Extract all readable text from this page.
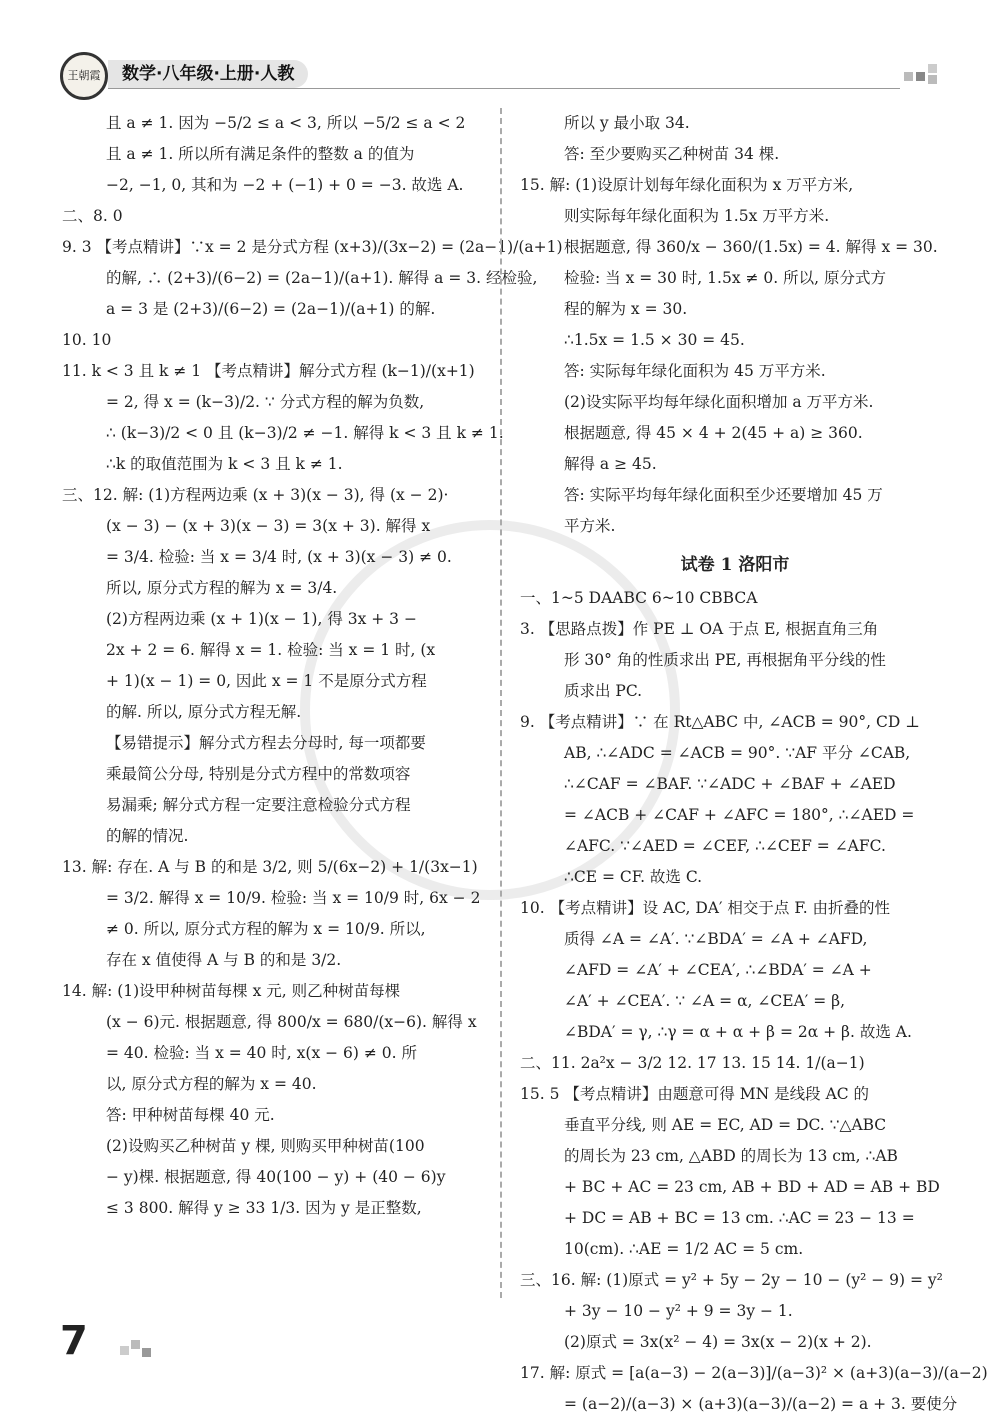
王朝霞	数学·八年级·上册·人教
且 a ≠ 1. 因为 −5/2 ≤ a < 3, 所以 −5/2 ≤ a < 2
且 a ≠ 1. 所以所有满足条件的整数 a 的值为
−2, −1, 0, 其和为 −2 + (−1) + 0 = −3. 故选 A.
二、8. 0
9. 3 【考点精讲】∵x = 2 是分式方程 (x+3)/(3x−2) = (2a−1)/(a+1)
的解, ∴ (2+3)/(6−2) = (2a−1)/(a+1). 解得 a = 3. 经检验,
a = 3 是 (2+3)/(6−2) = (2a−1)/(a+1) 的解.
10. 10
11. k < 3 且 k ≠ 1 【考点精讲】解分式方程 (k−1)/(x+1)
= 2, 得 x = (k−3)/2. ∵ 分式方程的解为负数,
∴ (k−3)/2 < 0 且 (k−3)/2 ≠ −1. 解得 k < 3 且 k ≠ 1.
∴k 的取值范围为 k < 3 且 k ≠ 1.
三、12. 解: (1)方程两边乘 (x + 3)(x − 3), 得 (x − 2)·
(x − 3) − (x + 3)(x − 3) = 3(x + 3). 解得 x
= 3/4. 检验: 当 x = 3/4 时, (x + 3)(x − 3) ≠ 0.
所以, 原分式方程的解为 x = 3/4.
(2)方程两边乘 (x + 1)(x − 1), 得 3x + 3 −
2x + 2 = 6. 解得 x = 1. 检验: 当 x = 1 时, (x
+ 1)(x − 1) = 0, 因此 x = 1 不是原分式方程
的解. 所以, 原分式方程无解.
【易错提示】解分式方程去分母时, 每一项都要
乘最简公分母, 特别是分式方程中的常数项容
易漏乘; 解分式方程一定要注意检验分式方程
的解的情况.
13. 解: 存在. A 与 B 的和是 3/2, 则 5/(6x−2) + 1/(3x−1)
= 3/2. 解得 x = 10/9. 检验: 当 x = 10/9 时, 6x − 2
≠ 0. 所以, 原分式方程的解为 x = 10/9. 所以,
存在 x 值使得 A 与 B 的和是 3/2.
14. 解: (1)设甲种树苗每棵 x 元, 则乙种树苗每棵
(x − 6)元. 根据题意, 得 800/x = 680/(x−6). 解得 x
= 40. 检验: 当 x = 40 时, x(x − 6) ≠ 0. 所
以, 原分式方程的解为 x = 40.
答: 甲种树苗每棵 40 元.
(2)设购买乙种树苗 y 棵, 则购买甲种树苗(100
− y)棵. 根据题意, 得 40(100 − y) + (40 − 6)y
≤ 3 800. 解得 y ≥ 33 1/3. 因为 y 是正整数,
所以 y 最小取 34.
答: 至少要购买乙种树苗 34 棵.
15. 解: (1)设原计划每年绿化面积为 x 万平方米,
则实际每年绿化面积为 1.5x 万平方米.
根据题意, 得 360/x − 360/(1.5x) = 4. 解得 x = 30.
检验: 当 x = 30 时, 1.5x ≠ 0. 所以, 原分式方
程的解为 x = 30.
∴1.5x = 1.5 × 30 = 45.
答: 实际每年绿化面积为 45 万平方米.
(2)设实际平均每年绿化面积增加 a 万平方米.
根据题意, 得 45 × 4 + 2(45 + a) ≥ 360.
解得 a ≥ 45.
答: 实际平均每年绿化面积至少还要增加 45 万
平方米.
试卷 1 洛阳市
一、1~5 DAABC 6~10 CBBCA
3. 【思路点拨】作 PE ⊥ OA 于点 E, 根据直角三角
形 30° 角的性质求出 PE, 再根据角平分线的性
质求出 PC.
9. 【考点精讲】∵ 在 Rt△ABC 中, ∠ACB = 90°, CD ⊥
AB, ∴∠ADC = ∠ACB = 90°. ∵AF 平分 ∠CAB,
∴∠CAF = ∠BAF. ∵∠ADC + ∠BAF + ∠AED
= ∠ACB + ∠CAF + ∠AFC = 180°, ∴∠AED =
∠AFC. ∵∠AED = ∠CEF, ∴∠CEF = ∠AFC.
∴CE = CF. 故选 C.
10. 【考点精讲】设 AC, DA′ 相交于点 F. 由折叠的性
质得 ∠A = ∠A′. ∵∠BDA′ = ∠A + ∠AFD,
∠AFD = ∠A′ + ∠CEA′, ∴∠BDA′ = ∠A +
∠A′ + ∠CEA′. ∵ ∠A = α, ∠CEA′ = β,
∠BDA′ = γ, ∴γ = α + α + β = 2α + β. 故选 A.
二、11. 2a²x − 3/2 12. 17 13. 15 14. 1/(a−1)
15. 5 【考点精讲】由题意可得 MN 是线段 AC 的
垂直平分线, 则 AE = EC, AD = DC. ∵△ABC
的周长为 23 cm, △ABD 的周长为 13 cm, ∴AB
+ BC + AC = 23 cm, AB + BD + AD = AB + BD
+ DC = AB + BC = 13 cm. ∴AC = 23 − 13 =
10(cm). ∴AE = 1/2 AC = 5 cm.
三、16. 解: (1)原式 = y² + 5y − 2y − 10 − (y² − 9) = y²
+ 3y − 10 − y² + 9 = 3y − 1.
(2)原式 = 3x(x² − 4) = 3x(x − 2)(x + 2).
17. 解: 原式 = [a(a−3) − 2(a−3)]/(a−3)² × (a+3)(a−3)/(a−2)
= (a−2)/(a−3) × (a+3)(a−3)/(a−2) = a + 3. 要使分
7
